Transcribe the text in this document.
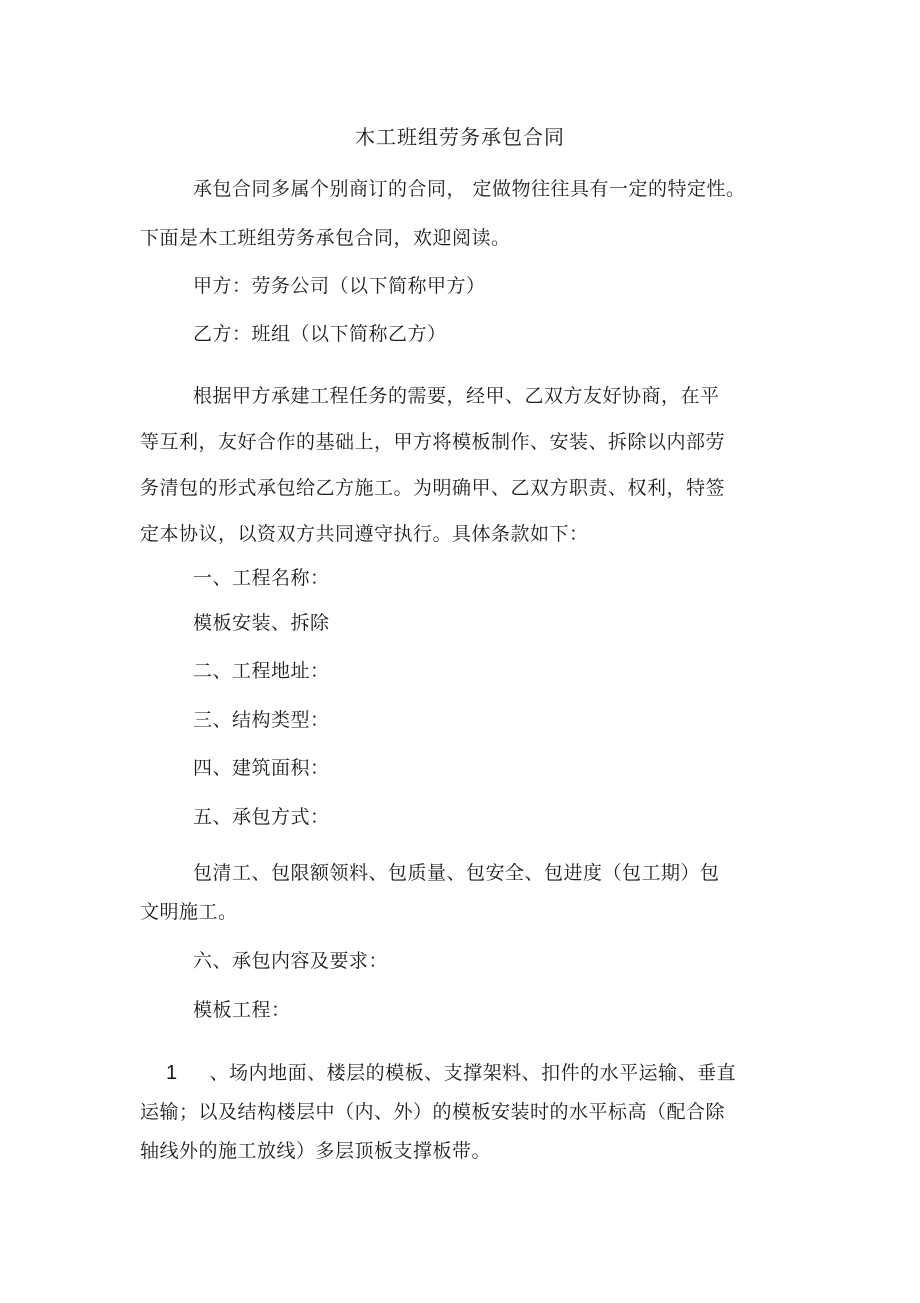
木工班组劳务承包合同
承包合同多属个别商订的合同， 定做物往往具有一定的特定性。
下面是木工班组劳务承包合同，欢迎阅读。
甲方：劳务公司（以下简称甲方）
乙方：班组（以下简称乙方）
根据甲方承建工程任务的需要，经甲、乙双方友好协商，在平
等互利，友好合作的基础上，甲方将模板制作、安装、拆除以内部劳
务清包的形式承包给乙方施工。为明确甲、乙双方职责、权利，特签
定本协议，以资双方共同遵守执行。具体条款如下：
一、工程名称：
模板安装、拆除
二、工程地址：
三、结构类型：
四、建筑面积：
五、承包方式：
包清工、包限额领料、包质量、包安全、包进度（包工期）包
文明施工。
六、承包内容及要求：
模板工程：
1 、场内地面、楼层的模板、支撑架料、扣件的水平运输、垂直
运输；以及结构楼层中（内、外）的模板安装时的水平标高（配合除
轴线外的施工放线）多层顶板支撑板带。
